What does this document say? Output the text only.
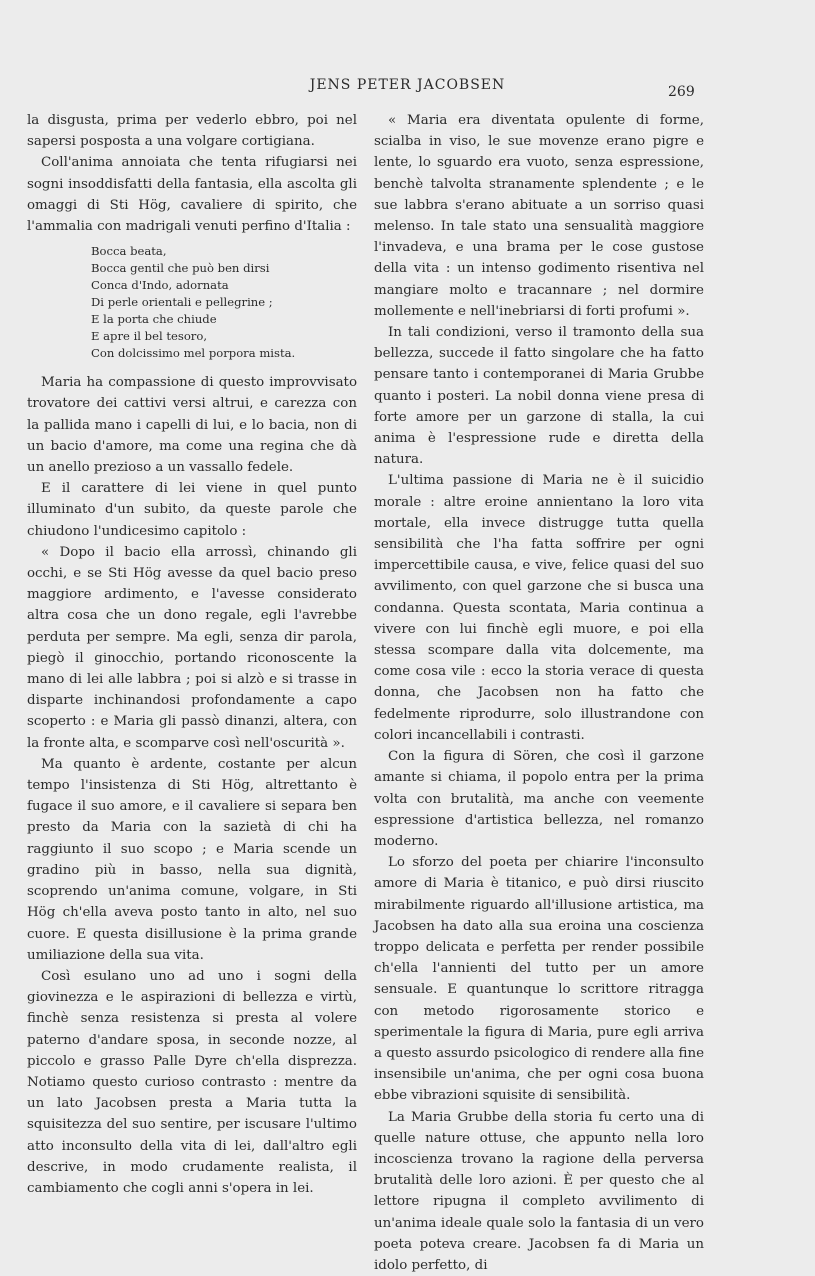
JENS PETER JACOBSEN	269

la disgusta, prima per vederlo ebbro, poi nel sapersi posposta a una volgare cortigiana.

Coll'anima annoiata che tenta rifugiarsi nei sogni insoddisfatti della fantasia, ella ascolta gli omaggi di Sti Hög, cavaliere di spirito, che l'ammalia con madrigali venuti perfino d'Italia :

Bocca beata,
Bocca gentil che può ben dirsi
Conca d'Indo, adornata
Di perle orientali e pellegrine ;
E la porta che chiude
E apre il bel tesoro,
Con dolcissimo mel porpora mista.

Maria ha compassione di questo improvvisato trovatore dei cattivi versi altrui, e carezza con la pallida mano i capelli di lui, e lo bacia, non di un bacio d'amore, ma come una regina che dà un anello prezioso a un vassallo fedele.

E il carattere di lei viene in quel punto illuminato d'un subito, da queste parole che chiudono l'undicesimo capitolo :

« Dopo il bacio ella arrossì, chinando gli occhi, e se Sti Hög avesse da quel bacio preso maggiore ardimento, e l'avesse considerato altra cosa che un dono regale, egli l'avrebbe perduta per sempre. Ma egli, senza dir parola, piegò il ginocchio, portando riconoscente la mano di lei alle labbra ; poi si alzò e si trasse in disparte inchinandosi profondamente a capo scoperto : e Maria gli passò dinanzi, altera, con la fronte alta, e scomparve così nell'oscurità ».

Ma quanto è ardente, costante per alcun tempo l'insistenza di Sti Hög, altrettanto è fugace il suo amore, e il cavaliere si separa ben presto da Maria con la sazietà di chi ha raggiunto il suo scopo ; e Maria scende un gradino più in basso, nella sua dignità, scoprendo un'anima comune, volgare, in Sti Hög ch'ella aveva posto tanto in alto, nel suo cuore. E questa disillusione è la prima grande umiliazione della sua vita.

Così esulano uno ad uno i sogni della giovinezza e le aspirazioni di bellezza e virtù, finchè senza resistenza si presta al volere paterno d'andare sposa, in seconde nozze, al piccolo e grasso Palle Dyre ch'ella disprezza. Notiamo questo curioso contrasto : mentre da un lato Jacobsen presta a Maria tutta la squisitezza del suo sentire, per iscusare l'ultimo atto inconsulto della vita di lei, dall'altro egli descrive, in modo crudamente realista, il cambiamento che cogli anni s'opera in lei.

« Maria era diventata opulente di forme, scialba in viso, le sue movenze erano pigre e lente, lo sguardo era vuoto, senza espressione, benchè talvolta stranamente splendente ; e le sue labbra s'erano abituate a un sorriso quasi melenso. In tale stato una sensualità maggiore l'invadeva, e una brama per le cose gustose della vita : un intenso godimento risentiva nel mangiare molto e tracannare ; nel dormire mollemente e nell'inebriarsi di forti profumi ».

In tali condizioni, verso il tramonto della sua bellezza, succede il fatto singolare che ha fatto pensare tanto i contemporanei di Maria Grubbe quanto i posteri. La nobil donna viene presa di forte amore per un garzone di stalla, la cui anima è l'espressione rude e diretta della natura.

L'ultima passione di Maria ne è il suicidio morale : altre eroine annientano la loro vita mortale, ella invece distrugge tutta quella sensibilità che l'ha fatta soffrire per ogni impercettibile causa, e vive, felice quasi del suo avvilimento, con quel garzone che si busca una condanna. Questa scontata, Maria continua a vivere con lui finchè egli muore, e poi ella stessa scompare dalla vita dolcemente, ma come cosa vile : ecco la storia verace di questa donna, che Jacobsen non ha fatto che fedelmente riprodurre, solo illustrandone con colori incancellabili i contrasti.

Con la figura di Sören, che così il garzone amante si chiama, il popolo entra per la prima volta con brutalità, ma anche con veemente espressione d'artistica bellezza, nel romanzo moderno.

Lo sforzo del poeta per chiarire l'inconsulto amore di Maria è titanico, e può dirsi riuscito mirabilmente riguardo all'illusione artistica, ma Jacobsen ha dato alla sua eroina una coscienza troppo delicata e perfetta per render possibile ch'ella l'annienti del tutto per un amore sensuale. E quantunque lo scrittore ritragga con metodo rigorosamente storico e sperimentale la figura di Maria, pure egli arriva a questo assurdo psicologico di rendere alla fine insensibile un'anima, che per ogni cosa buona ebbe vibrazioni squisite di sensibilità.

La Maria Grubbe della storia fu certo una di quelle nature ottuse, che appunto nella loro incoscienza trovano la ragione della perversa brutalità delle loro azioni. È per questo che al lettore ripugna il completo avvilimento di un'anima ideale quale solo la fantasia di un vero poeta poteva creare. Jacobsen fa di Maria un idolo perfetto, di
